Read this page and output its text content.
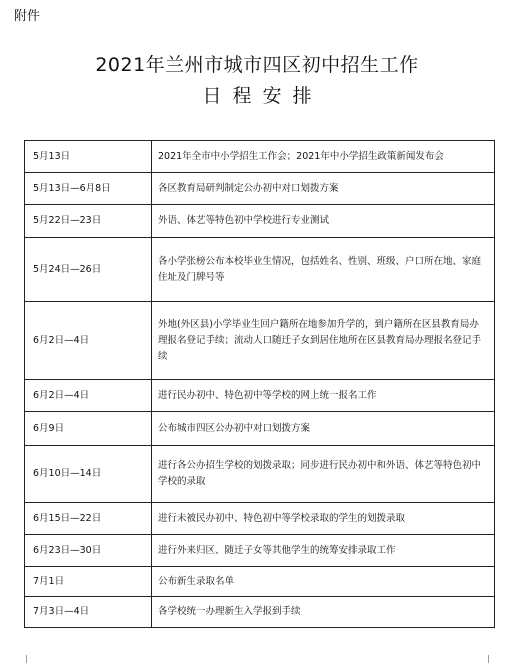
附件
2021年兰州市城市四区初中招生工作
日程安排
5月13日	2021年全市中小学招生工作会；2021年中小学招生政策新闻发布会
5月13日—6月8日	各区教育局研判制定公办初中对口划拨方案
5月22日—23日	外语、体艺等特色初中学校进行专业测试
5月24日—26日	各小学张榜公布本校毕业生情况，包括姓名、性别、班级、户口所在地、家庭住址及门牌号等
6月2日—4日	外地(外区县)小学毕业生回户籍所在地参加升学的，到户籍所在区县教育局办理报名登记手续；流动人口随迁子女到居住地所在区县教育局办理报名登记手续
6月2日—4日	进行民办初中、特色初中等学校的网上统一报名工作
6月9日	公布城市四区公办初中对口划拨方案
6月10日—14日	进行各公办招生学校的划拨录取；同步进行民办初中和外语、体艺等特色初中学校的录取
6月15日—22日	进行未被民办初中、特色初中等学校录取的学生的划拨录取
6月23日—30日	进行外来归区、随迁子女等其他学生的统筹安排录取工作
7月1日	公布新生录取名单
7月3日—4日	各学校统一办理新生入学报到手续
